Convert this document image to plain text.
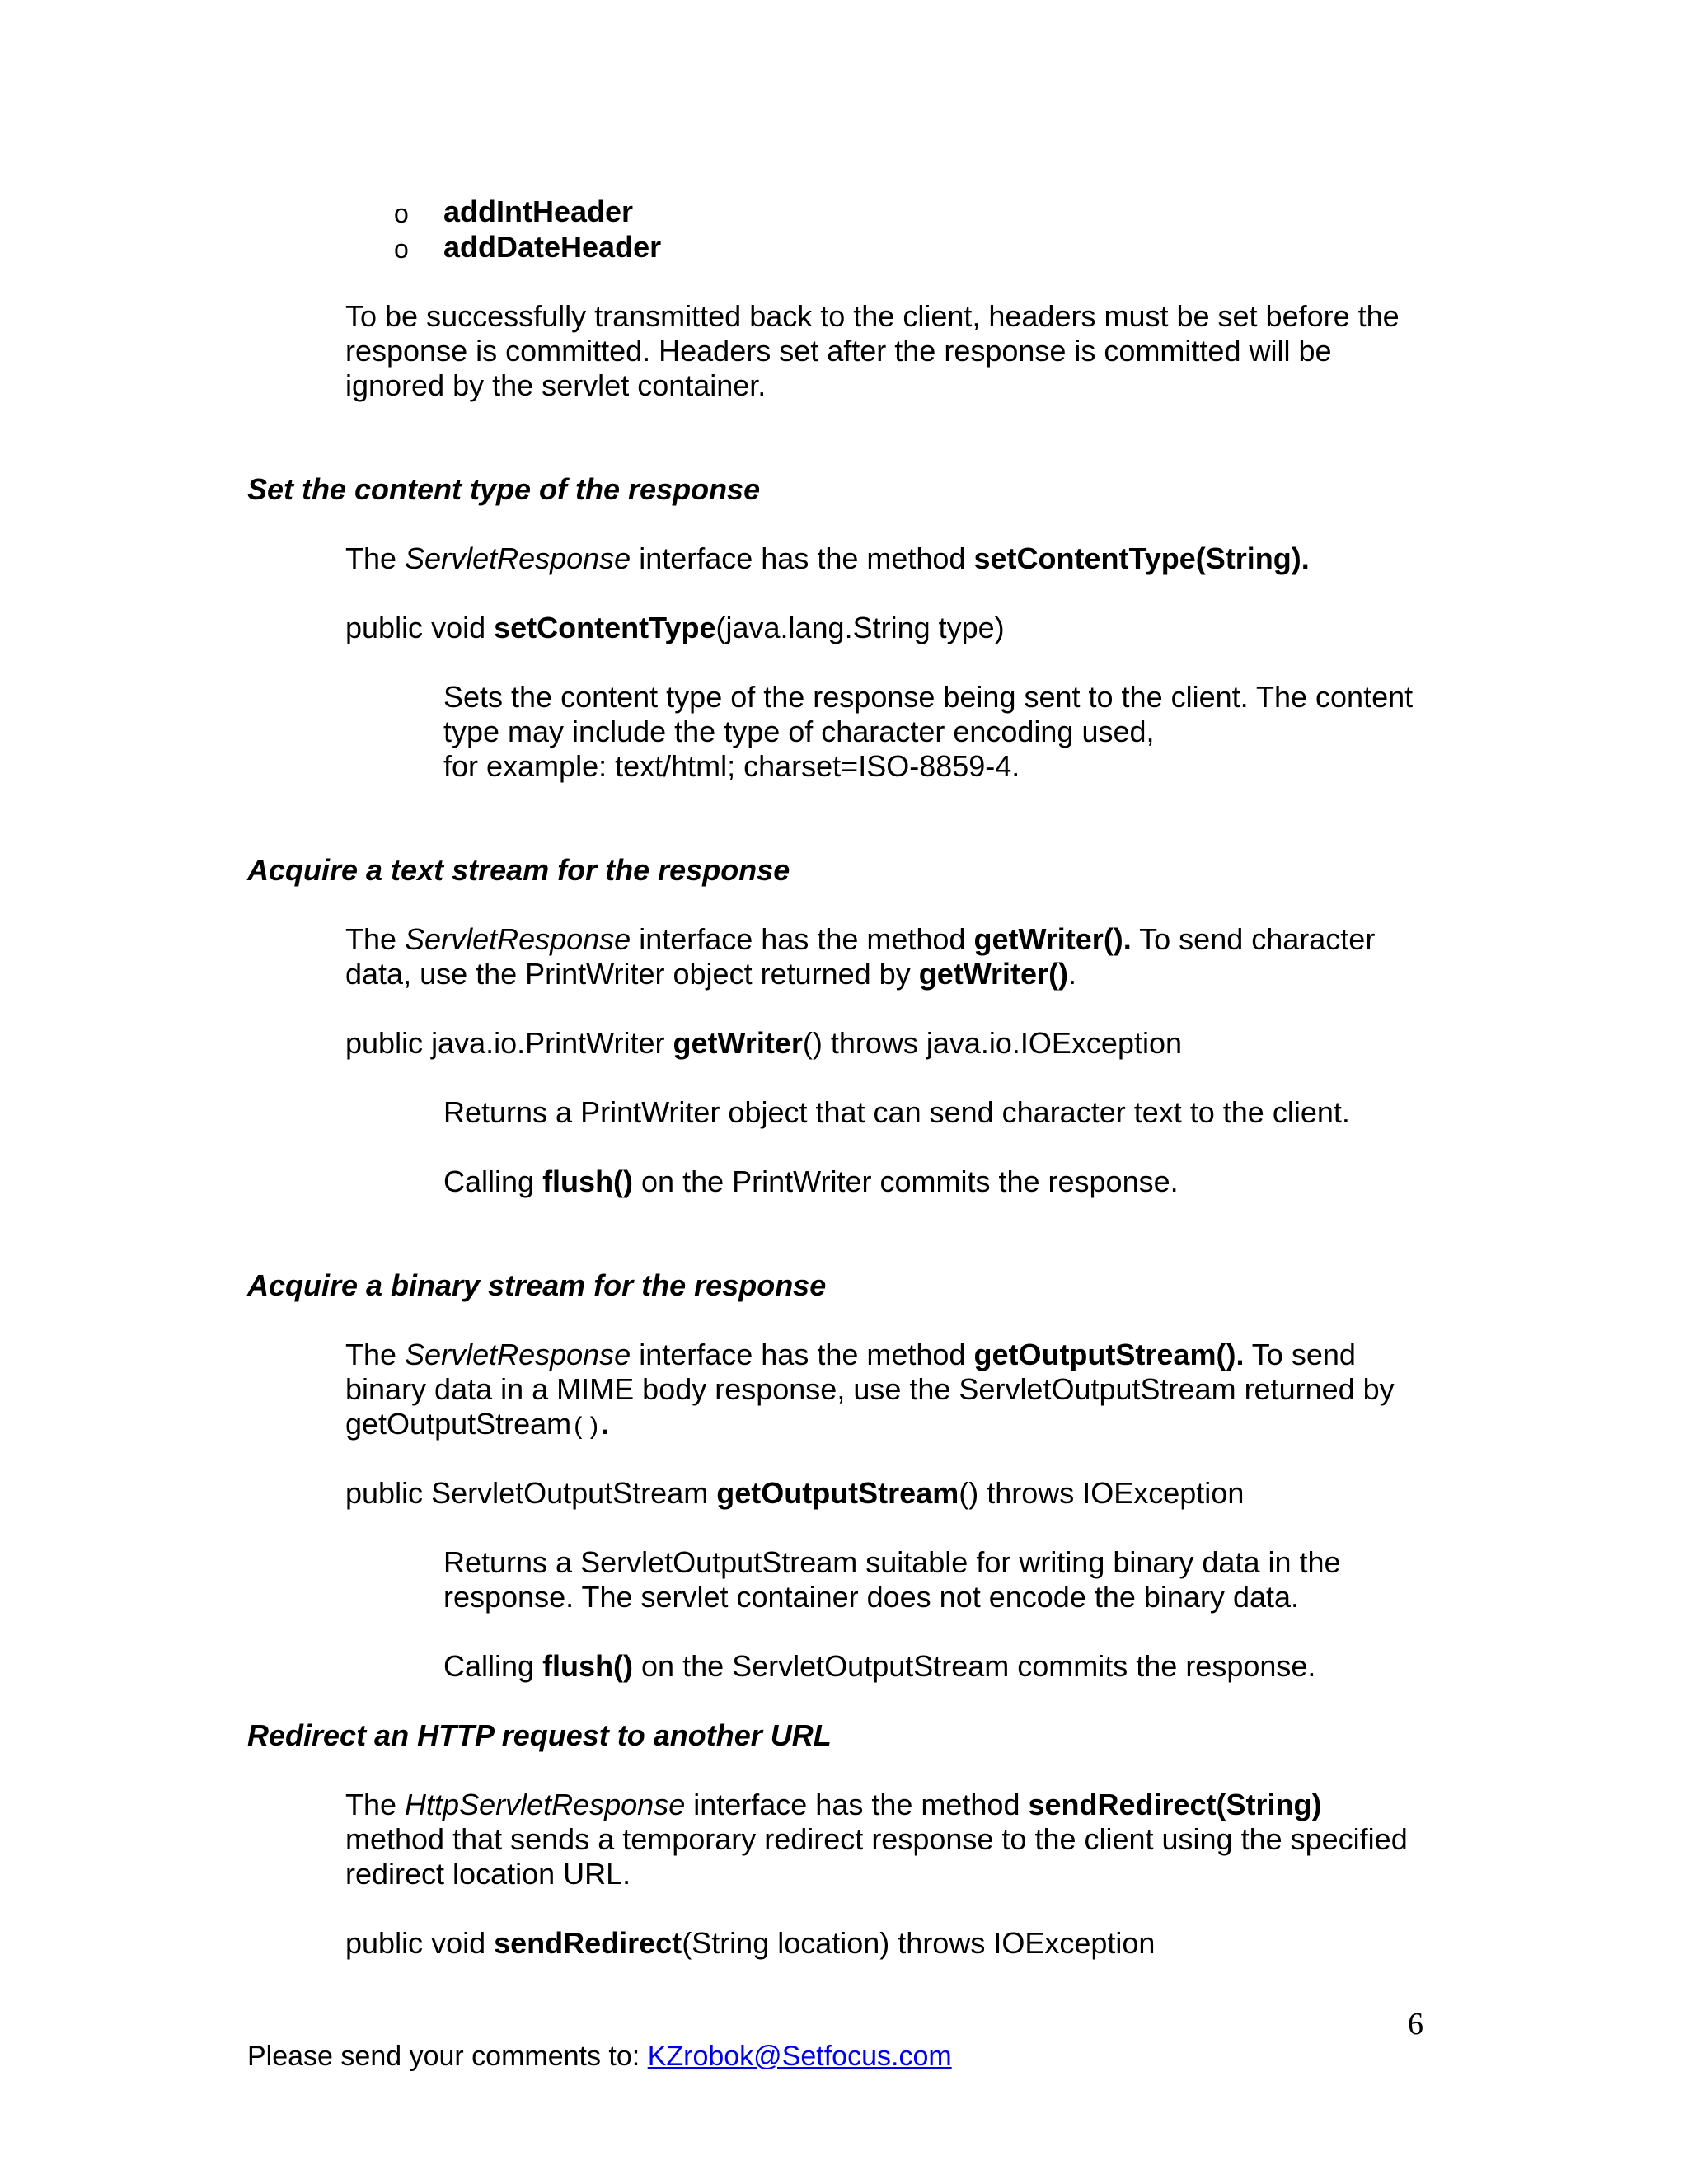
o addIntHeader
o addDateHeader
To be successfully transmitted back to the client, headers must be set before the
response is committed. Headers set after the response is committed will be
ignored by the servlet container.
Set the content type of the response
The ServletResponse interface has the method setContentType(String).
public void setContentType(java.lang.String type)
Sets the content type of the response being sent to the client. The content
type may include the type of character encoding used,
for example: text/html; charset=ISO-8859-4.
Acquire a text stream for the response
The ServletResponse interface has the method getWriter(). To send character
data, use the PrintWriter object returned by getWriter().
public java.io.PrintWriter getWriter() throws java.io.IOException
Returns a PrintWriter object that can send character text to the client.
Calling flush() on the PrintWriter commits the response.
Acquire a binary stream for the response
The ServletResponse interface has the method getOutputStream(). To send
binary data in a MIME body response, use the ServletOutputStream returned by
getOutputStream().
public ServletOutputStream getOutputStream() throws IOException
Returns a ServletOutputStream suitable for writing binary data in the
response. The servlet container does not encode the binary data.
Calling flush() on the ServletOutputStream commits the response.
Redirect an HTTP request to another URL
The HttpServletResponse interface has the method sendRedirect(String)
method that sends a temporary redirect response to the client using the specified
redirect location URL.
public void sendRedirect(String location) throws IOException
6
Please send your comments to: KZrobok@Setfocus.com
